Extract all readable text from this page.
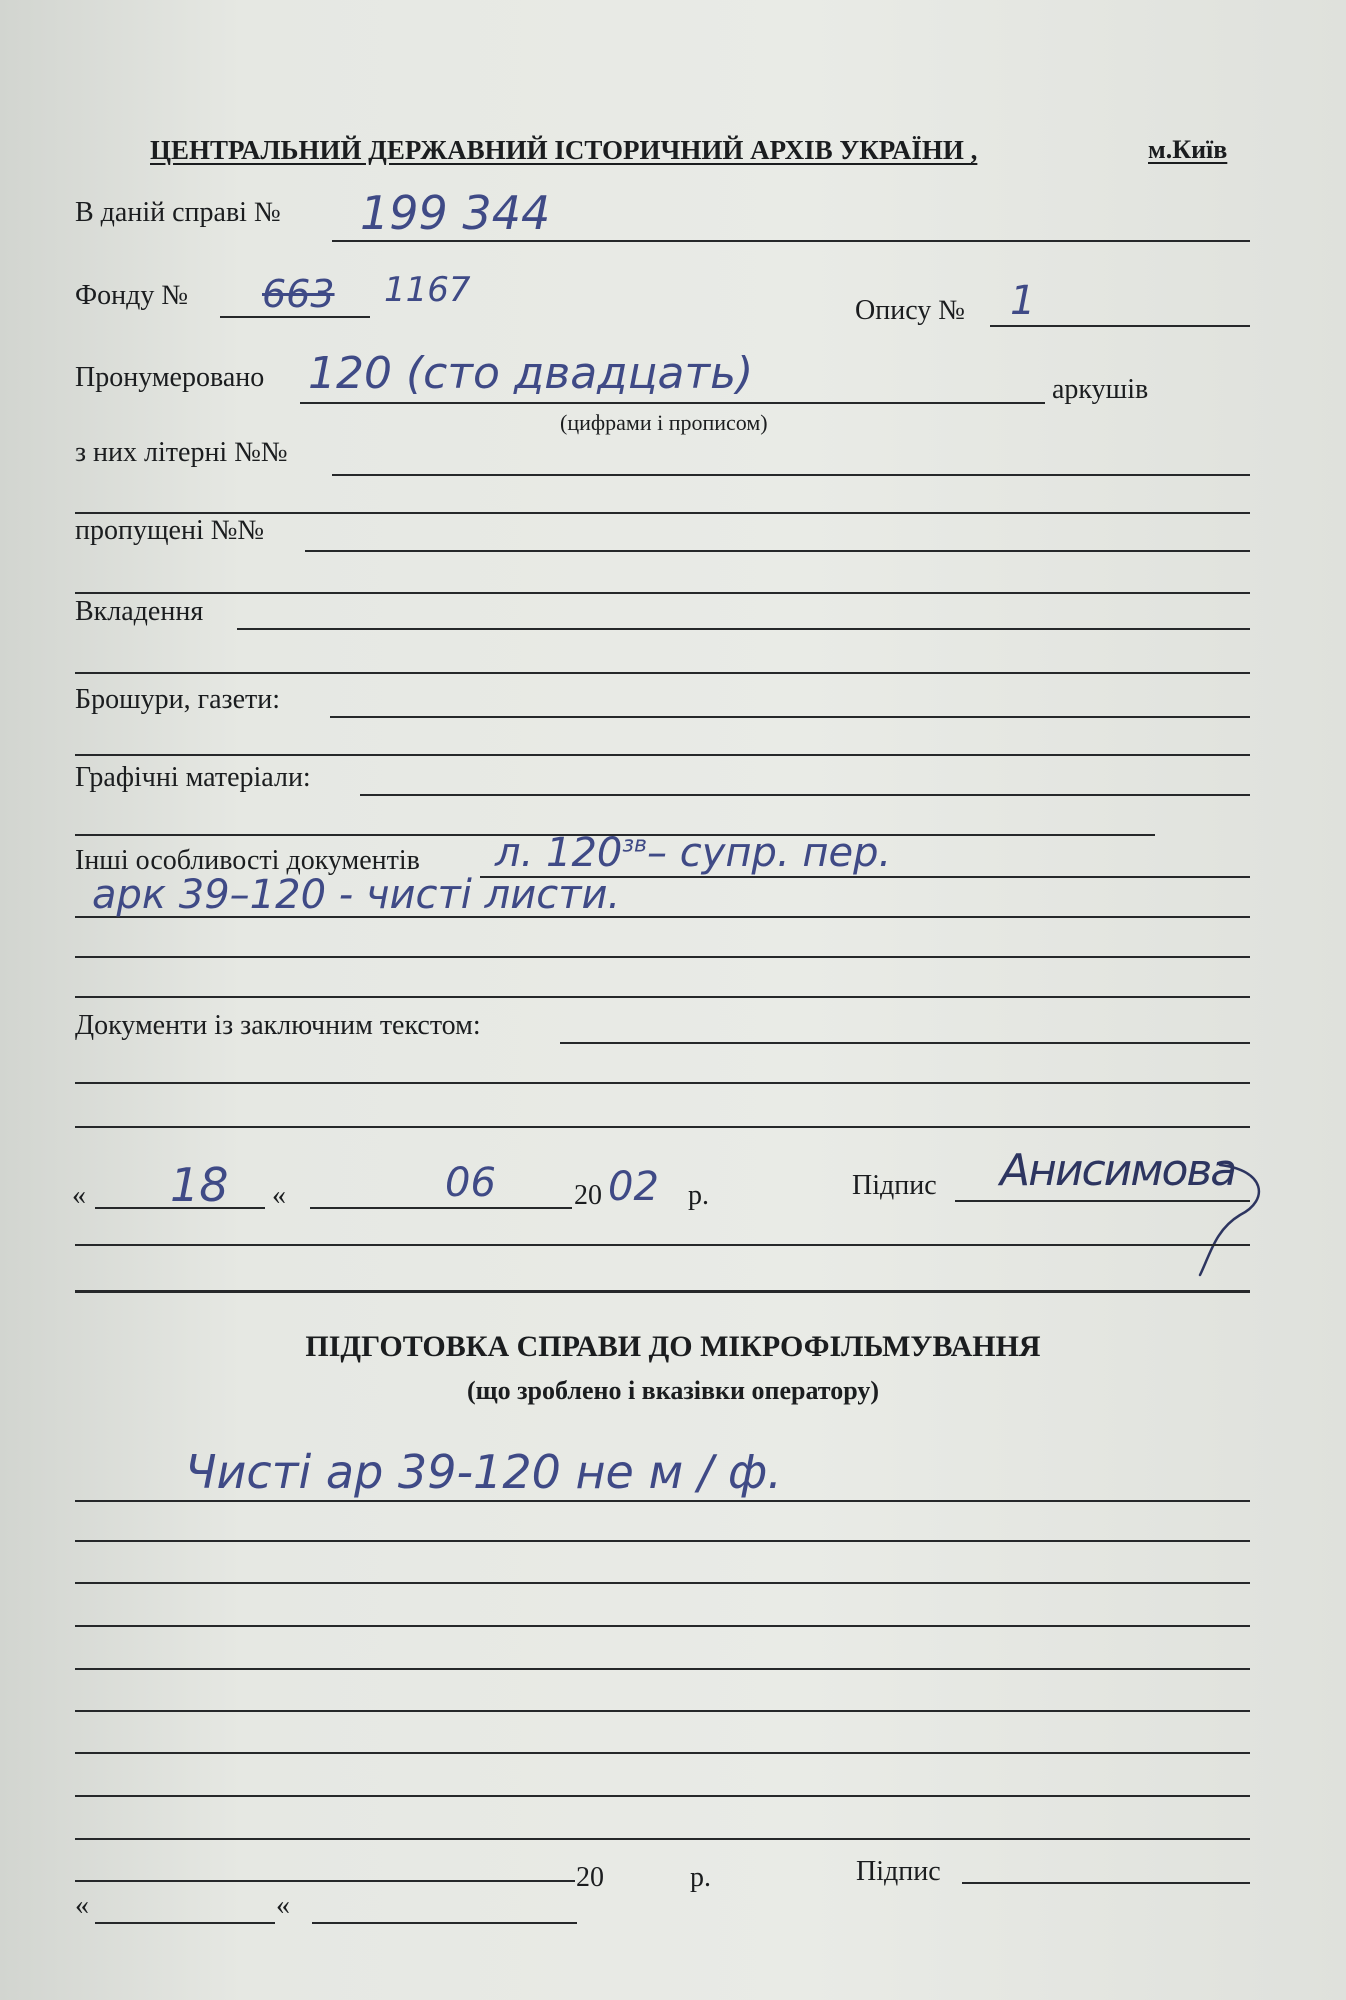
ЦЕНТРАЛЬНИЙ ДЕРЖАВНИЙ ІСТОРИЧНИЙ АРХІВ УКРАЇНИ ,	м.Київ
В даній справі № 199 344
Фонду № 663 1167
Опису № 1
Пронумеровано 120 (сто двадцать)	аркушів
(цифрами і прописом)
з них літерні №№
пропущені №№
Вкладення
Брошури, газети:
Графічні матеріали:
Інші особливості документів л. $120^{зв}-$ супр. пер.
арк 39–120 - чисті листи.
Документи із заключним текстом:
« 18 «	06	20 02 р.	Підпис Анисимова
ПІДГОТОВКА СПРАВИ ДО МІКРОФІЛЬМУВАННЯ
(що зроблено і вказівки оператору)
Чисті ар 39-120 не м / ф.
20	р.	Підпис
«	«
